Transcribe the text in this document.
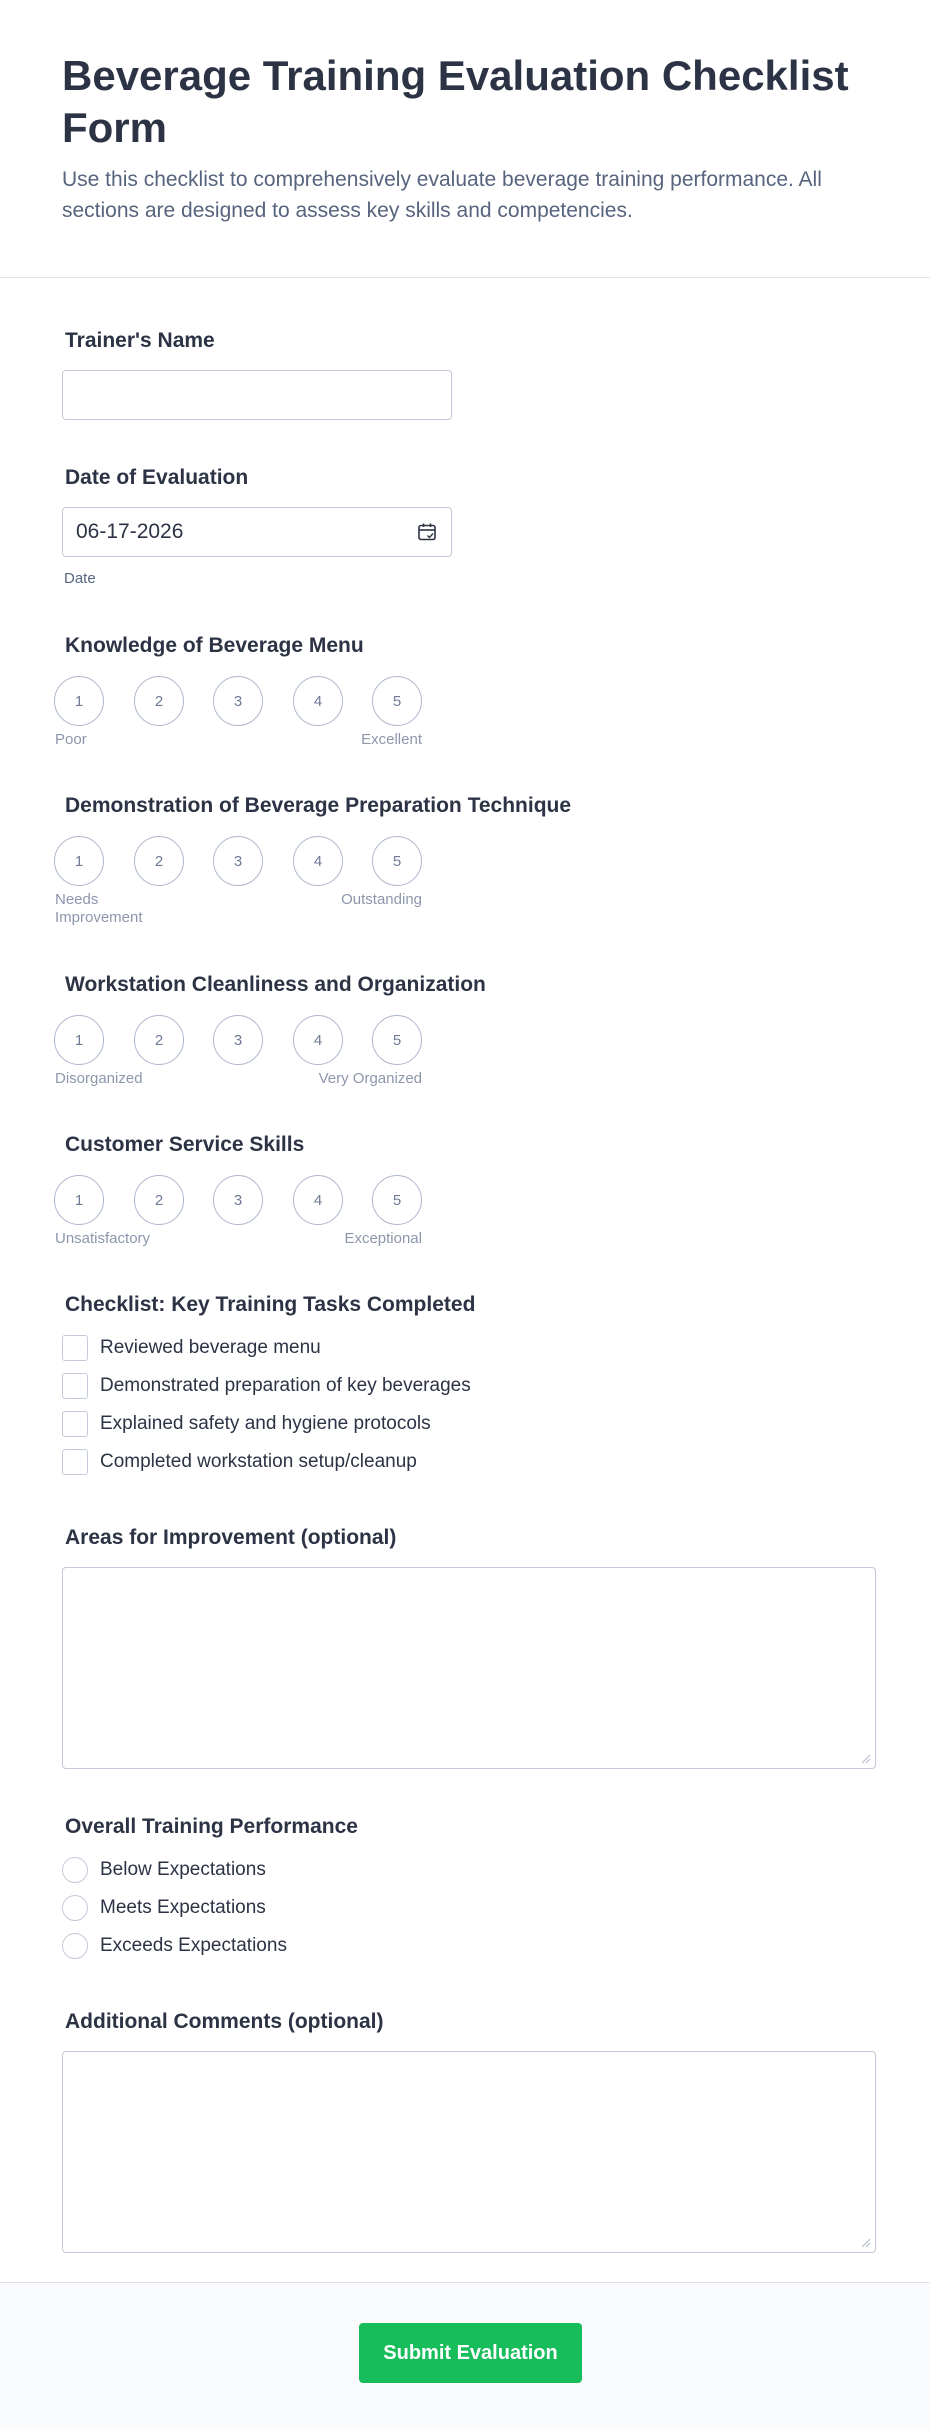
Beverage Training Evaluation Checklist Form

Use this checklist to comprehensively evaluate beverage training performance. All sections are designed to assess key skills and competencies.

Trainer's Name
Date of Evaluation
06-17-2026
Date
Knowledge of Beverage Menu
1	2	3	4	5
Poor	Excellent
Demonstration of Beverage Preparation Technique
1	2	3	4	5
Needs Improvement
Outstanding
Workstation Cleanliness and Organization
1	2	3	4	5
Disorganized	Very Organized
Customer Service Skills
1	2	3	4	5
Unsatisfactory	Exceptional
Checklist: Key Training Tasks Completed
Reviewed beverage menu
Demonstrated preparation of key beverages
Explained safety and hygiene protocols
Completed workstation setup/cleanup
Areas for Improvement (optional)
Overall Training Performance
Below Expectations
Meets Expectations
Exceeds Expectations
Additional Comments (optional)
Submit Evaluation
